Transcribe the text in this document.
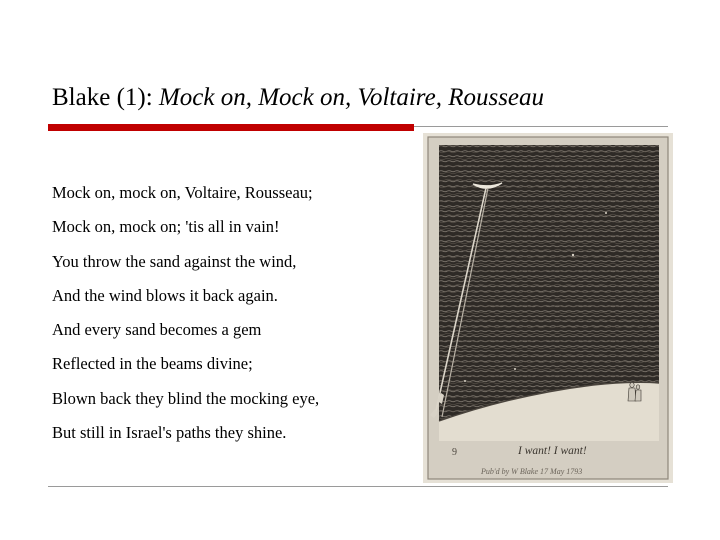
Blake (1): Mock on, Mock on, Voltaire, Rousseau
Mock on, mock on, Voltaire, Rousseau;
Mock on, mock on; 'tis all in vain!
You throw the sand against the wind,
And the wind blows it back again.
And every sand becomes a gem
Reflected in the beams divine;
Blown back they blind the mocking eye,
But still in Israel's paths they shine.
9	I want! I want!
Pub'd by W Blake 17 May 1793
